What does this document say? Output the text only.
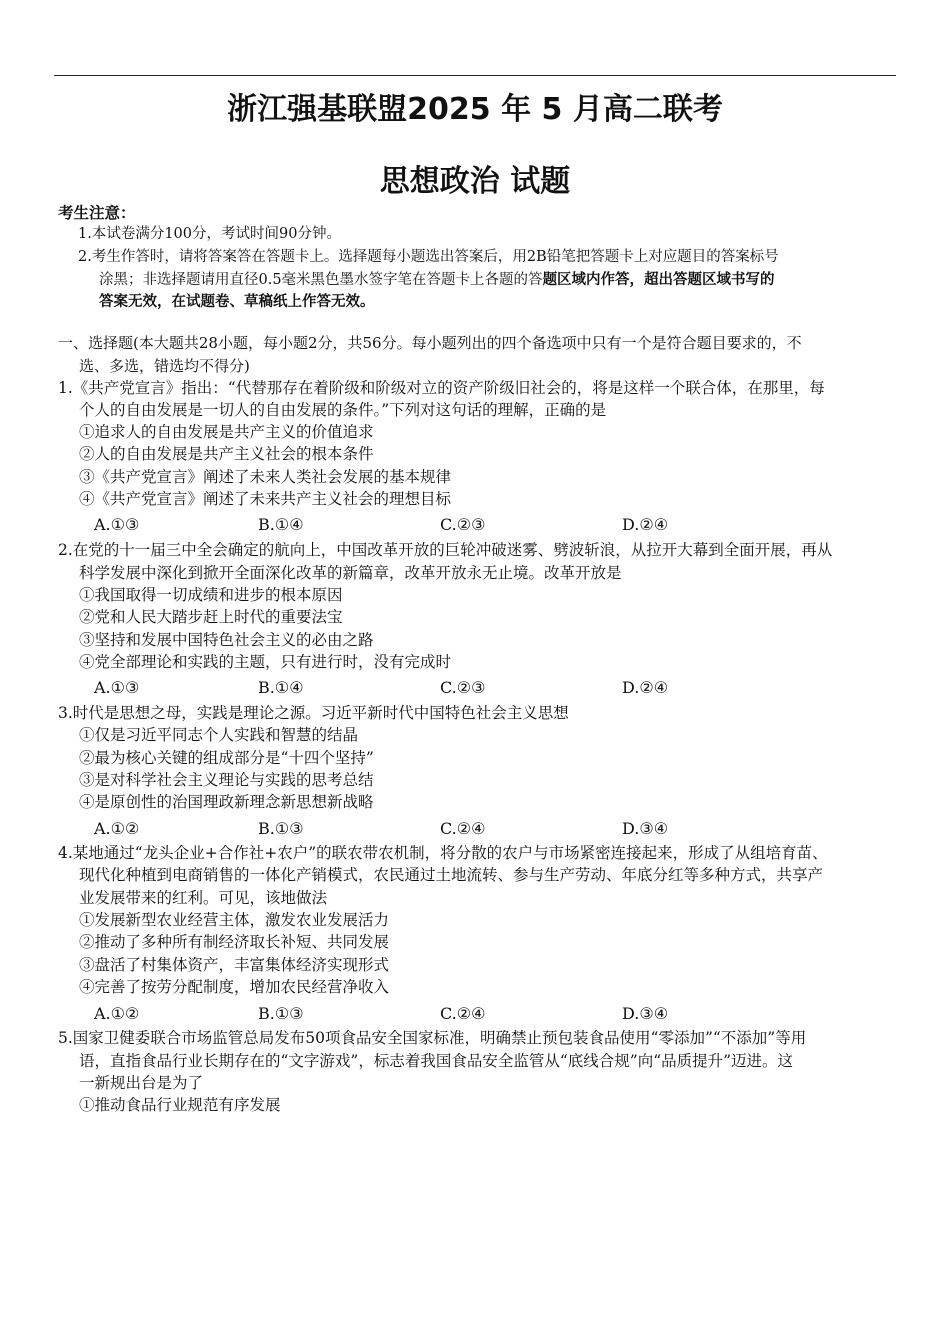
浙江强基联盟2025 年 5 月高二联考
思想政治 试题
考生注意：
1.本试卷满分100分，考试时间90分钟。
2.考生作答时，请将答案答在答题卡上。选择题每小题选出答案后，用2B铅笔把答题卡上对应题目的答案标号
涂黑；非选择题请用直径0.5毫米黑色墨水签字笔在答题卡上各题的答题区域内作答，超出答题区域书写的
答案无效，在试题卷、草稿纸上作答无效。
一、选择题(本大题共28小题，每小题2分，共56分。每小题列出的四个备选项中只有一个是符合题目要求的，不
选、多选，错选均不得分)
1.《共产党宣言》指出：“代替那存在着阶级和阶级对立的资产阶级旧社会的，将是这样一个联合体，在那里，每
个人的自由发展是一切人的自由发展的条件。”下列对这句话的理解，正确的是
①追求人的自由发展是共产主义的价值追求
②人的自由发展是共产主义社会的根本条件
③《共产党宣言》阐述了未来人类社会发展的基本规律
④《共产党宣言》阐述了未来共产主义社会的理想目标
A.①③	B.①④	C.②③	D.②④
2.在党的十一届三中全会确定的航向上，中国改革开放的巨轮冲破迷雾、劈波斩浪，从拉开大幕到全面开展，再从
科学发展中深化到掀开全面深化改革的新篇章，改革开放永无止境。改革开放是
①我国取得一切成绩和进步的根本原因
②党和人民大踏步赶上时代的重要法宝
③坚持和发展中国特色社会主义的必由之路
④党全部理论和实践的主题，只有进行时，没有完成时
A.①③	B.①④	C.②③	D.②④
3.时代是思想之母，实践是理论之源。习近平新时代中国特色社会主义思想
①仅是习近平同志个人实践和智慧的结晶
②最为核心关键的组成部分是“十四个坚持”
③是对科学社会主义理论与实践的思考总结
④是原创性的治国理政新理念新思想新战略
A.①②	B.①③	C.②④	D.③④
4.某地通过“龙头企业+合作社+农户”的联农带农机制，将分散的农户与市场紧密连接起来，形成了从组培育苗、
现代化种植到电商销售的一体化产销模式，农民通过土地流转、参与生产劳动、年底分红等多种方式，共享产
业发展带来的红利。可见，该地做法
①发展新型农业经营主体，激发农业发展活力
②推动了多种所有制经济取长补短、共同发展
③盘活了村集体资产，丰富集体经济实现形式
④完善了按劳分配制度，增加农民经营净收入
A.①②	B.①③	C.②④	D.③④
5.国家卫健委联合市场监管总局发布50项食品安全国家标准，明确禁止预包装食品使用“零添加”“不添加”等用
语，直指食品行业长期存在的“文字游戏”，标志着我国食品安全监管从“底线合规”向“品质提升”迈进。这
一新规出台是为了
①推动食品行业规范有序发展
